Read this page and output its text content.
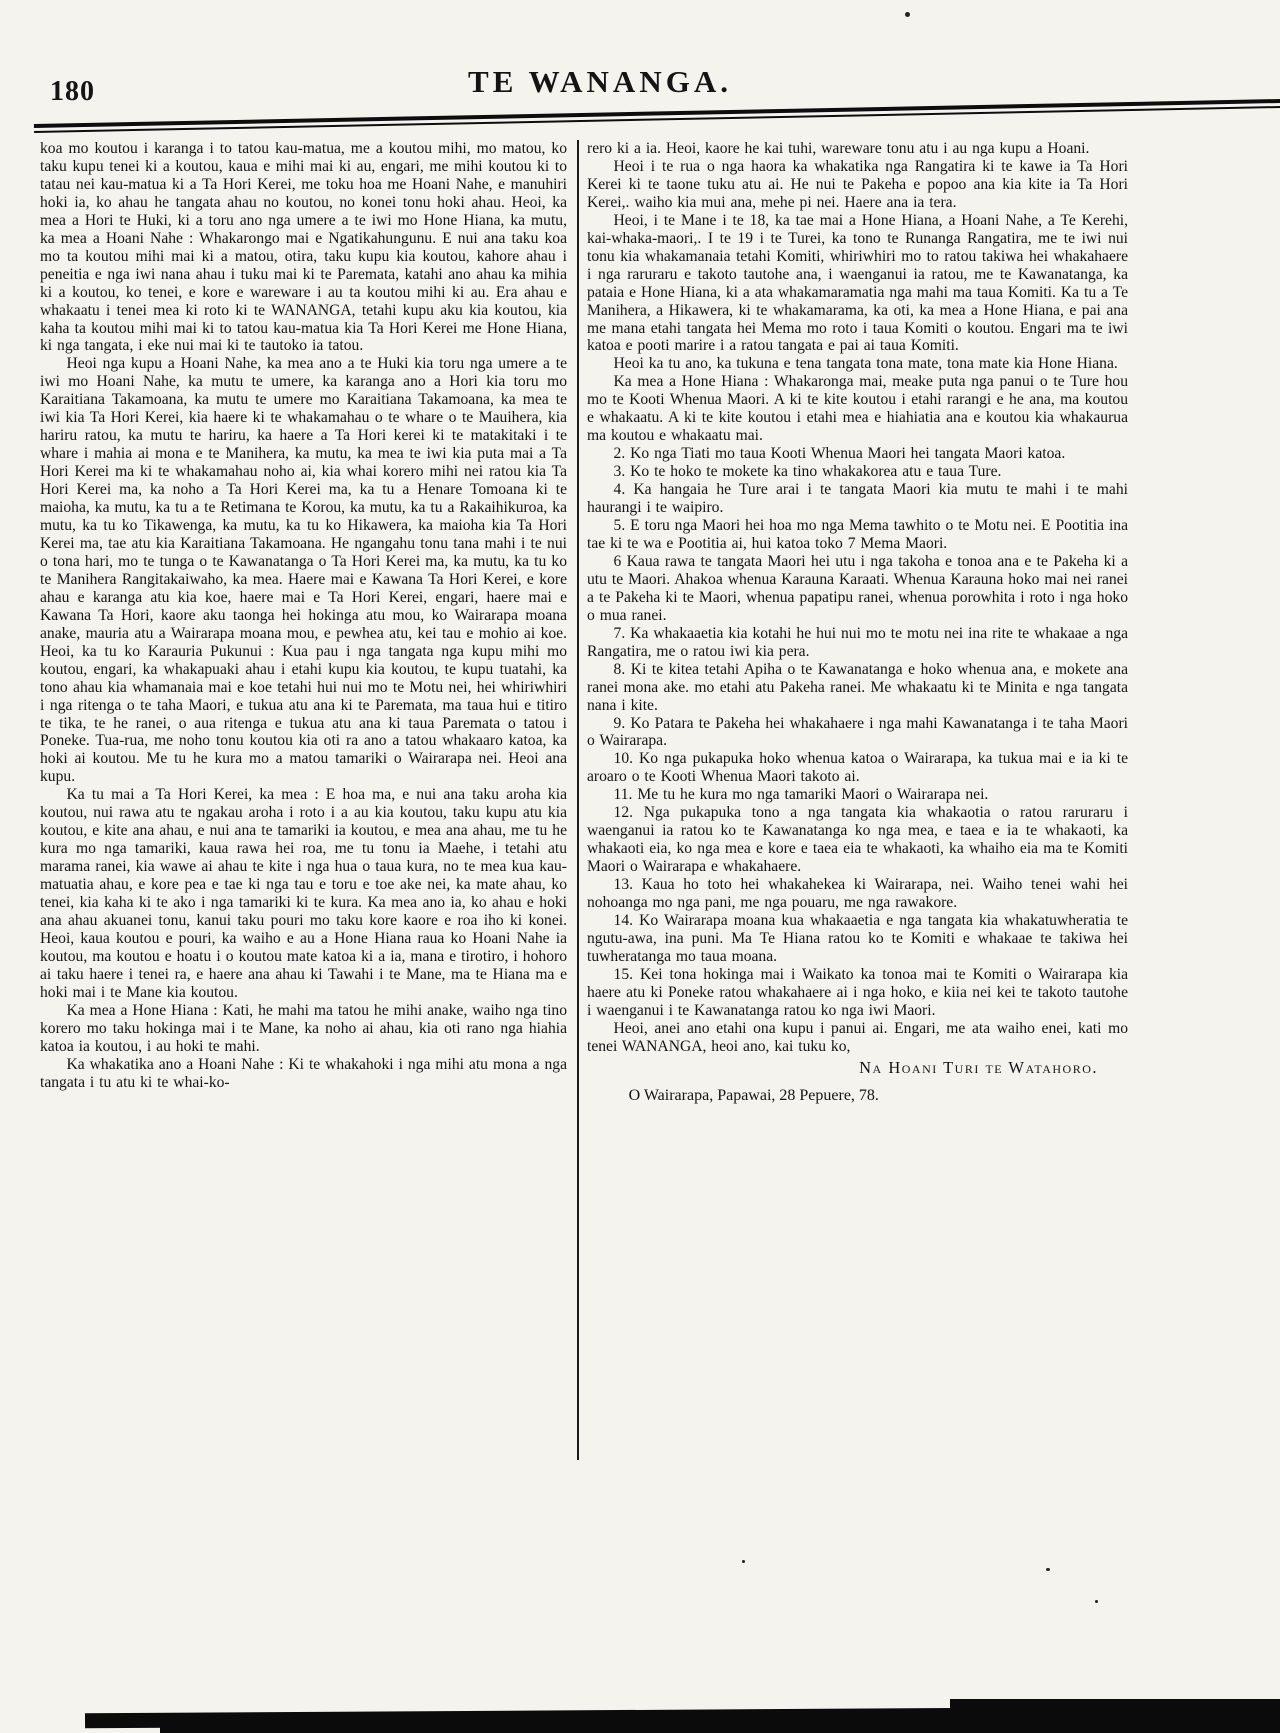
180	TE WANANGA.

koa mo koutou i karanga i to tatou kau-matua, me a koutou mihi, mo matou, ko taku kupu tenei ki a koutou, kaua e mihi mai ki au, engari, me mihi koutou ki to tatau nei kau-matua ki a Ta Hori Kerei, me toku hoa me Hoani Nahe, e manuhiri hoki ia, ko ahau he tangata ahau no koutou, no konei tonu hoki ahau. Heoi, ka mea a Hori te Huki, ki a toru ano nga umere a te iwi mo Hone Hiana, ka mutu, ka mea a Hoani Nahe : Whakarongo mai e Ngatikahungunu. E nui ana taku koa mo ta koutou mihi mai ki a matou, otira, taku kupu kia koutou, kahore ahau i peneitia e nga iwi nana ahau i tuku mai ki te Paremata, katahi ano ahau ka mihia ki a koutou, ko tenei, e kore e wareware i au ta koutou mihi ki au. Era ahau e whakaatu i tenei mea ki roto ki te WANANGA, tetahi kupu aku kia koutou, kia kaha ta koutou mihi mai ki to tatou kau-matua kia Ta Hori Kerei me Hone Hiana, ki nga tangata, i eke nui mai ki te tautoko ia tatou.

Heoi nga kupu a Hoani Nahe, ka mea ano a te Huki kia toru nga umere a te iwi mo Hoani Nahe, ka mutu te umere, ka karanga ano a Hori kia toru mo Karaitiana Takamoana, ka mutu te umere mo Karaitiana Takamoana, ka mea te iwi kia Ta Hori Kerei, kia haere ki te whakamahau o te whare o te Mauihera, kia hariru ratou, ka mutu te hariru, ka haere a Ta Hori kerei ki te matakitaki i te whare i mahia ai mona e te Manihera, ka mutu, ka mea te iwi kia puta mai a Ta Hori Kerei ma ki te whakamahau noho ai, kia whai korero mihi nei ratou kia Ta Hori Kerei ma, ka noho a Ta Hori Kerei ma, ka tu a Henare Tomoana ki te maioha, ka mutu, ka tu a te Retimana te Korou, ka mutu, ka tu a Rakaihikuroa, ka mutu, ka tu ko Tikawenga, ka mutu, ka tu ko Hikawera, ka maioha kia Ta Hori Kerei ma, tae atu kia Karaitiana Takamoana. He ngangahu tonu tana mahi i te nui o tona hari, mo te tunga o te Kawanatanga o Ta Hori Kerei ma, ka mutu, ka tu ko te Manihera Rangitakaiwaho, ka mea. Haere mai e Kawana Ta Hori Kerei, e kore ahau e karanga atu kia koe, haere mai e Ta Hori Kerei, engari, haere mai e Kawana Ta Hori, kaore aku taonga hei hokinga atu mou, ko Wairarapa moana anake, mauria atu a Wairarapa moana mou, e pewhea atu, kei tau e mohio ai koe. Heoi, ka tu ko Karauria Pukunui : Kua pau i nga tangata nga kupu mihi mo koutou, engari, ka whakapuaki ahau i etahi kupu kia koutou, te kupu tuatahi, ka tono ahau kia whamanaia mai e koe tetahi hui nui mo te Motu nei, hei whiriwhiri i nga ritenga o te taha Maori, e tukua atu ana ki te Paremata, ma taua hui e titiro te tika, te he ranei, o aua ritenga e tukua atu ana ki taua Paremata o tatou i Poneke. Tua-rua, me noho tonu koutou kia oti ra ano a tatou whakaaro katoa, ka hoki ai koutou. Me tu he kura mo a matou tamariki o Wairarapa nei. Heoi ana kupu.

Ka tu mai a Ta Hori Kerei, ka mea : E hoa ma, e nui ana taku aroha kia koutou, nui rawa atu te ngakau aroha i roto i a au kia koutou, taku kupu atu kia koutou, e kite ana ahau, e nui ana te tamariki ia koutou, e mea ana ahau, me tu he kura mo nga tamariki, kaua rawa hei roa, me tu tonu ia Maehe, i tetahi atu marama ranei, kia wawe ai ahau te kite i nga hua o taua kura, no te mea kua kau-matuatia ahau, e kore pea e tae ki nga tau e toru e toe ake nei, ka mate ahau, ko tenei, kia kaha ki te ako i nga tamariki ki te kura. Ka mea ano ia, ko ahau e hoki ana ahau akuanei tonu, kanui taku pouri mo taku kore kaore e roa iho ki konei. Heoi, kaua koutou e pouri, ka waiho e au a Hone Hiana raua ko Hoani Nahe ia koutou, ma koutou e hoatu i o koutou mate katoa ki a ia, mana e tirotiro, i hohoro ai taku haere i tenei ra, e haere ana ahau ki Tawahi i te Mane, ma te Hiana ma e hoki mai i te Mane kia koutou.

Ka mea a Hone Hiana : Kati, he mahi ma tatou he mihi anake, waiho nga tino korero mo taku hokinga mai i te Mane, ka noho ai ahau, kia oti rano nga hiahia katoa ia koutou, i au hoki te mahi.

Ka whakatika ano a Hoani Nahe : Ki te whakahoki i nga mihi atu mona a nga tangata i tu atu ki te whai-ko-

rero ki a ia. Heoi, kaore he kai tuhi, wareware tonu atu i au nga kupu a Hoani.

Heoi i te rua o nga haora ka whakatika nga Rangatira ki te kawe ia Ta Hori Kerei ki te taone tuku atu ai. He nui te Pakeha e popoo ana kia kite ia Ta Hori Kerei,. waiho kia mui ana, mehe pi nei. Haere ana ia tera.

Heoi, i te Mane i te 18, ka tae mai a Hone Hiana, a Hoani Nahe, a Te Kerehi, kai-whaka-maori,. I te 19 i te Turei, ka tono te Runanga Rangatira, me te iwi nui tonu kia whakamanaia tetahi Komiti, whiriwhiri mo to ratou takiwa hei whakahaere i nga raruraru e takoto tautohe ana, i waenganui ia ratou, me te Kawanatanga, ka pataia e Hone Hiana, ki a ata whakamaramatia nga mahi ma taua Komiti. Ka tu a Te Manihera, a Hikawera, ki te whakamarama, ka oti, ka mea a Hone Hiana, e pai ana me mana etahi tangata hei Mema mo roto i taua Komiti o koutou. Engari ma te iwi katoa e pooti marire i a ratou tangata e pai ai taua Komiti.

Heoi ka tu ano, ka tukuna e tena tangata tona mate, tona mate kia Hone Hiana.

Ka mea a Hone Hiana : Whakaronga mai, meake puta nga panui o te Ture hou mo te Kooti Whenua Maori. A ki te kite koutou i etahi rarangi e he ana, ma koutou e whakaatu. A ki te kite koutou i etahi mea e hiahiatia ana e koutou kia whakaurua ma koutou e whakaatu mai.

2. Ko nga Tiati mo taua Kooti Whenua Maori hei tangata Maori katoa.

3. Ko te hoko te mokete ka tino whakakorea atu e taua Ture.

4. Ka hangaia he Ture arai i te tangata Maori kia mutu te mahi i te mahi haurangi i te waipiro.

5. E toru nga Maori hei hoa mo nga Mema tawhito o te Motu nei. E Pootitia ina tae ki te wa e Pootitia ai, hui katoa toko 7 Mema Maori.

6 Kaua rawa te tangata Maori hei utu i nga takoha e tonoa ana e te Pakeha ki a utu te Maori. Ahakoa whenua Karauna Karaati. Whenua Karauna hoko mai nei ranei a te Pakeha ki te Maori, whenua papatipu ranei, whenua porowhita i roto i nga hoko o mua ranei.

7. Ka whakaaetia kia kotahi he hui nui mo te motu nei ina rite te whakaae a nga Rangatira, me o ratou iwi kia pera.

8. Ki te kitea tetahi Apiha o te Kawanatanga e hoko whenua ana, e mokete ana ranei mona ake. mo etahi atu Pakeha ranei. Me whakaatu ki te Minita e nga tangata nana i kite.

9. Ko Patara te Pakeha hei whakahaere i nga mahi Kawanatanga i te taha Maori o Wairarapa.

10. Ko nga pukapuka hoko whenua katoa o Wairarapa, ka tukua mai e ia ki te aroaro o te Kooti Whenua Maori takoto ai.

11. Me tu he kura mo nga tamariki Maori o Wairarapa nei.

12. Nga pukapuka tono a nga tangata kia whakaotia o ratou raruraru i waenganui ia ratou ko te Kawanatanga ko nga mea, e taea e ia te whakaoti, ka whakaoti eia, ko nga mea e kore e taea eia te whakaoti, ka whaiho eia ma te Komiti Maori o Wairarapa e whakahaere.

13. Kaua ho toto hei whakahekea ki Wairarapa, nei. Waiho tenei wahi hei nohoanga mo nga pani, me nga pouaru, me nga rawakore.

14. Ko Wairarapa moana kua whakaaetia e nga tangata kia whakatuwheratia te ngutu-awa, ina puni. Ma Te Hiana ratou ko te Komiti e whakaae te takiwa hei tuwheratanga mo taua moana.

15. Kei tona hokinga mai i Waikato ka tonoa mai te Komiti o Wairarapa kia haere atu ki Poneke ratou whakahaere ai i nga hoko, e kiia nei kei te takoto tautohe i waenganui i te Kawanatanga ratou ko nga iwi Maori.

Heoi, anei ano etahi ona kupu i panui ai. Engari, me ata waiho enei, kati mo tenei WANANGA, heoi ano, kai tuku ko,

Na Hoani Turi te Watahoro.
O Wairarapa, Papawai, 28 Pepuere, 78.
